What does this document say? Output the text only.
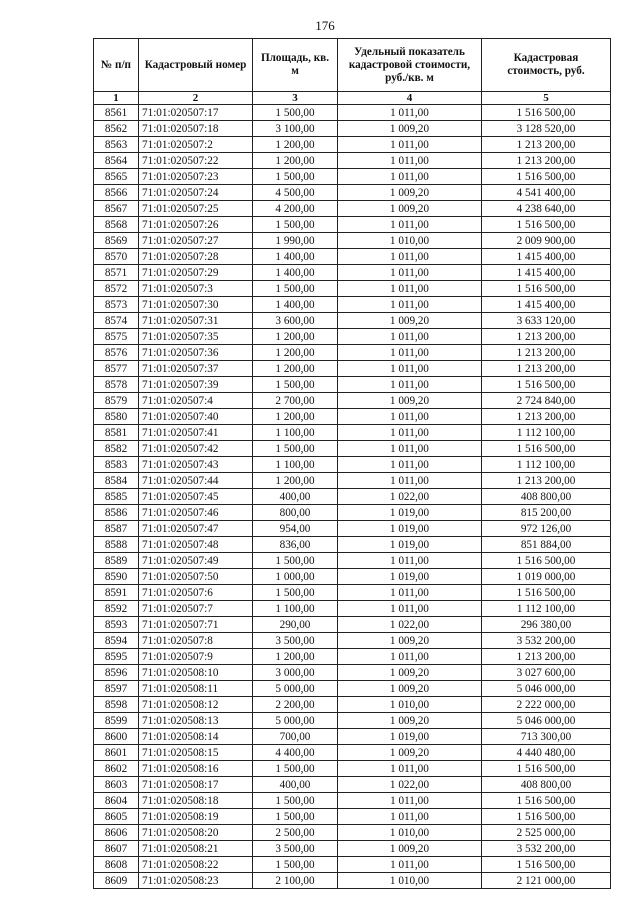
176
№ п/п	Кадастровый номер	Площадь, кв. м	Удельный показатель кадастровой стоимости, руб./кв. м	Кадастровая стоимость, руб.
1	2	3	4	5
8561	71:01:020507:17	1 500,00	1 011,00	1 516 500,00
8562	71:01:020507:18	3 100,00	1 009,20	3 128 520,00
8563	71:01:020507:2	1 200,00	1 011,00	1 213 200,00
8564	71:01:020507:22	1 200,00	1 011,00	1 213 200,00
8565	71:01:020507:23	1 500,00	1 011,00	1 516 500,00
8566	71:01:020507:24	4 500,00	1 009,20	4 541 400,00
8567	71:01:020507:25	4 200,00	1 009,20	4 238 640,00
8568	71:01:020507:26	1 500,00	1 011,00	1 516 500,00
8569	71:01:020507:27	1 990,00	1 010,00	2 009 900,00
8570	71:01:020507:28	1 400,00	1 011,00	1 415 400,00
8571	71:01:020507:29	1 400,00	1 011,00	1 415 400,00
8572	71:01:020507:3	1 500,00	1 011,00	1 516 500,00
8573	71:01:020507:30	1 400,00	1 011,00	1 415 400,00
8574	71:01:020507:31	3 600,00	1 009,20	3 633 120,00
8575	71:01:020507:35	1 200,00	1 011,00	1 213 200,00
8576	71:01:020507:36	1 200,00	1 011,00	1 213 200,00
8577	71:01:020507:37	1 200,00	1 011,00	1 213 200,00
8578	71:01:020507:39	1 500,00	1 011,00	1 516 500,00
8579	71:01:020507:4	2 700,00	1 009,20	2 724 840,00
8580	71:01:020507:40	1 200,00	1 011,00	1 213 200,00
8581	71:01:020507:41	1 100,00	1 011,00	1 112 100,00
8582	71:01:020507:42	1 500,00	1 011,00	1 516 500,00
8583	71:01:020507:43	1 100,00	1 011,00	1 112 100,00
8584	71:01:020507:44	1 200,00	1 011,00	1 213 200,00
8585	71:01:020507:45	400,00	1 022,00	408 800,00
8586	71:01:020507:46	800,00	1 019,00	815 200,00
8587	71:01:020507:47	954,00	1 019,00	972 126,00
8588	71:01:020507:48	836,00	1 019,00	851 884,00
8589	71:01:020507:49	1 500,00	1 011,00	1 516 500,00
8590	71:01:020507:50	1 000,00	1 019,00	1 019 000,00
8591	71:01:020507:6	1 500,00	1 011,00	1 516 500,00
8592	71:01:020507:7	1 100,00	1 011,00	1 112 100,00
8593	71:01:020507:71	290,00	1 022,00	296 380,00
8594	71:01:020507:8	3 500,00	1 009,20	3 532 200,00
8595	71:01:020507:9	1 200,00	1 011,00	1 213 200,00
8596	71:01:020508:10	3 000,00	1 009,20	3 027 600,00
8597	71:01:020508:11	5 000,00	1 009,20	5 046 000,00
8598	71:01:020508:12	2 200,00	1 010,00	2 222 000,00
8599	71:01:020508:13	5 000,00	1 009,20	5 046 000,00
8600	71:01:020508:14	700,00	1 019,00	713 300,00
8601	71:01:020508:15	4 400,00	1 009,20	4 440 480,00
8602	71:01:020508:16	1 500,00	1 011,00	1 516 500,00
8603	71:01:020508:17	400,00	1 022,00	408 800,00
8604	71:01:020508:18	1 500,00	1 011,00	1 516 500,00
8605	71:01:020508:19	1 500,00	1 011,00	1 516 500,00
8606	71:01:020508:20	2 500,00	1 010,00	2 525 000,00
8607	71:01:020508:21	3 500,00	1 009,20	3 532 200,00
8608	71:01:020508:22	1 500,00	1 011,00	1 516 500,00
8609	71:01:020508:23	2 100,00	1 010,00	2 121 000,00
